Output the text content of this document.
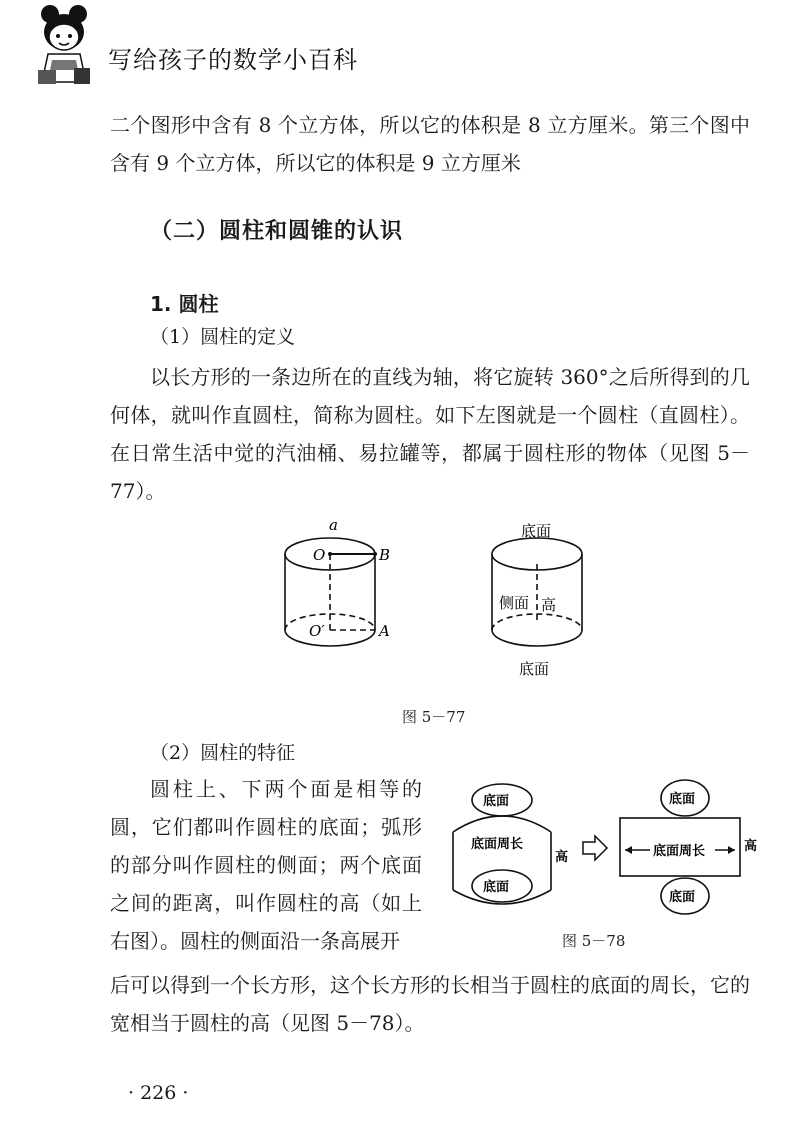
写给孩子的数学小百科

二个图形中含有 8 个立方体，所以它的体积是 8 立方厘米。第三个图中含有 9 个立方体，所以它的体积是 9 立方厘米

（二）圆柱和圆锥的认识
1. 圆柱
（1）圆柱的定义

以长方形的一条边所在的直线为轴，将它旋转 360°之后所得到的几何体，就叫作直圆柱，简称为圆柱。如下左图就是一个圆柱（直圆柱）。在日常生活中觉的汽油桶、易拉罐等，都属于圆柱形的物体（见图 5－77）。

a
O	B
O′	A
底面
侧面 高
底面
图 5－77
（2）圆柱的特征

圆柱上、下两个面是相等的圆，它们都叫作圆柱的底面；弧形的部分叫作圆柱的侧面；两个底面之间的距离，叫作圆柱的高（如上右图）。圆柱的侧面沿一条高展开

底面
底面周长
底面
高
底面
底面周长	高
底面
图 5－78

后可以得到一个长方形，这个长方形的长相当于圆柱的底面的周长，它的宽相当于圆柱的高（见图 5－78）。

· 226 ·
